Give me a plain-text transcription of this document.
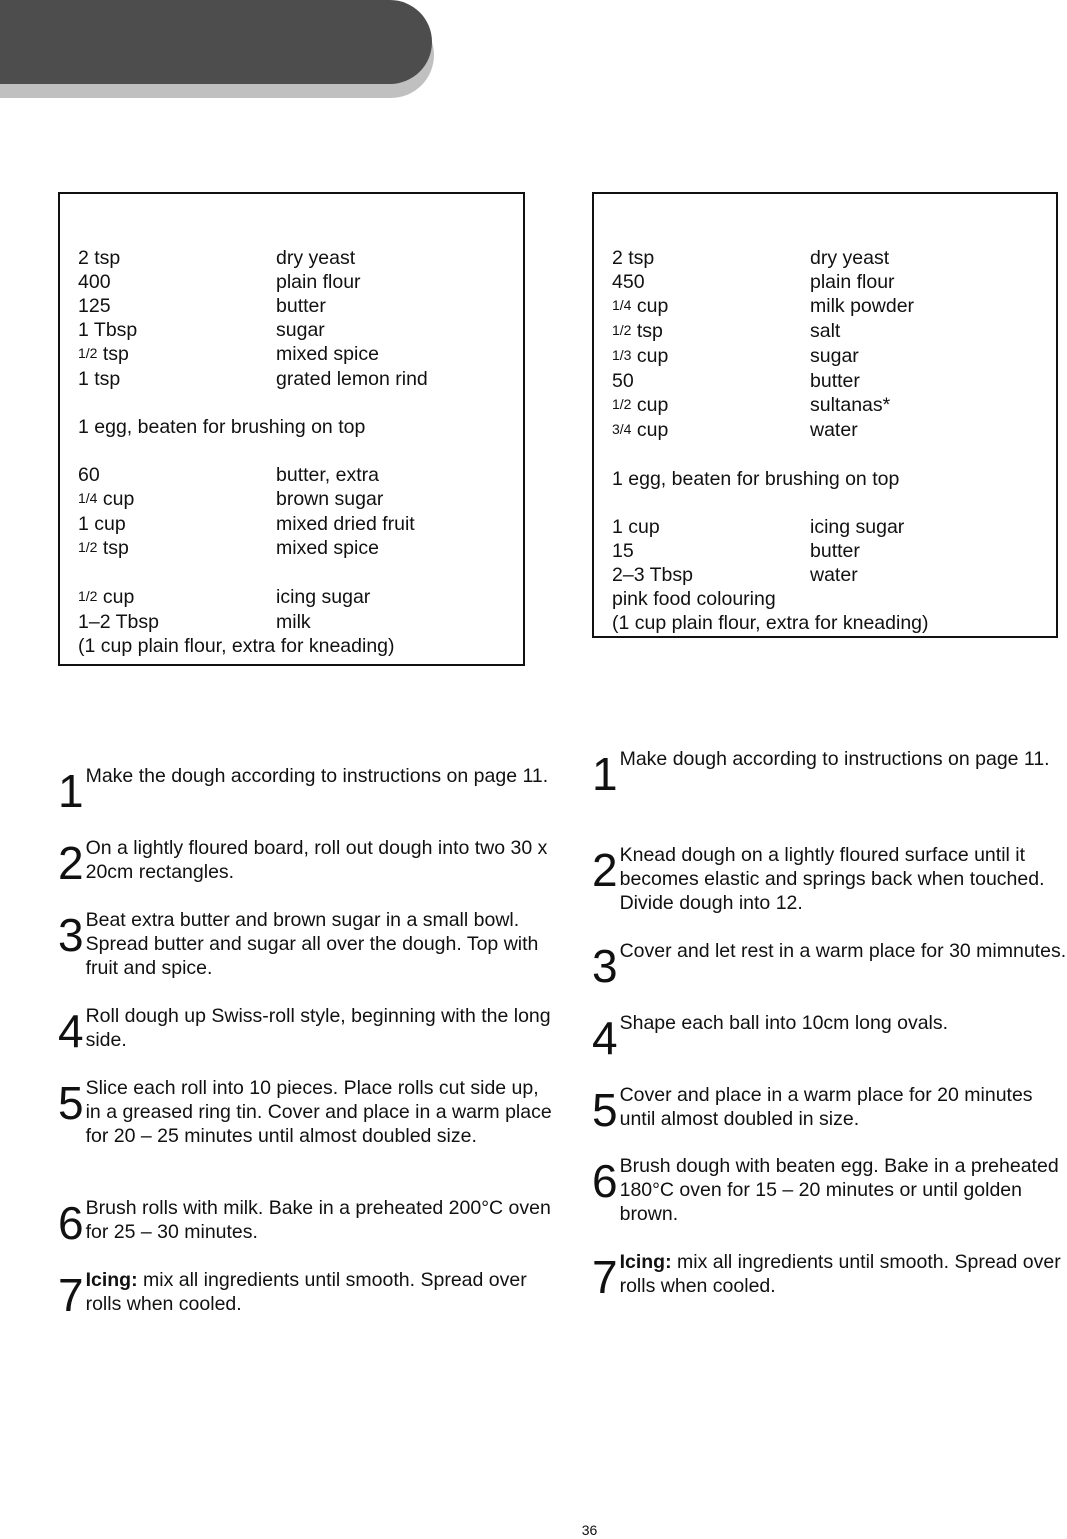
2 tsp	dry yeast
400	plain flour
125	butter
1 Tbsp	sugar
1/2 tsp	mixed spice
1 tsp	grated lemon rind
1 egg, beaten for brushing on top
60	butter, extra
1/4 cup	brown sugar
1 cup	mixed dried fruit
1/2 tsp	mixed spice
1/2 cup	icing sugar
1–2 Tbsp	milk
(1 cup plain flour, extra for kneading)
2 tsp	dry yeast
450	plain flour
1/4 cup	milk powder
1/2 tsp	salt
1/3 cup	sugar
50	butter
1/2 cup	sultanas*
3/4 cup	water
1 egg, beaten for brushing on top
1 cup	icing sugar
15	butter
2–3 Tbsp	water
pink food colouring
(1 cup plain flour, extra for kneading)
1 Make the dough according to instructions on page 11.
2 On a lightly floured board, roll out dough into two 30 x 20cm rectangles.
3 Beat extra butter and brown sugar in a small bowl. Spread butter and sugar all over the dough. Top with fruit and spice.
4 Roll dough up Swiss-roll style, beginning with the long side.
5 Slice each roll into 10 pieces. Place rolls cut side up, in a greased ring tin. Cover and place in a warm place for 20 – 25 minutes until almost doubled size.
6 Brush rolls with milk. Bake in a preheated 200°C oven for 25 – 30 minutes.
7 Icing: mix all ingredients until smooth. Spread over rolls when cooled.
1 Make dough according to instructions on page 11.
2 Knead dough on a lightly floured surface until it becomes elastic and springs back when touched. Divide dough into 12.
3 Cover and let rest in a warm place for 30 mimnutes.
4 Shape each ball into 10cm long ovals.
5 Cover and place in a warm place for 20 minutes until almost doubled in size.
6 Brush dough with beaten egg. Bake in a preheated 180°C oven for 15 – 20 minutes or until golden brown.
7 Icing: mix all ingredients until smooth. Spread over rolls when cooled.
36
